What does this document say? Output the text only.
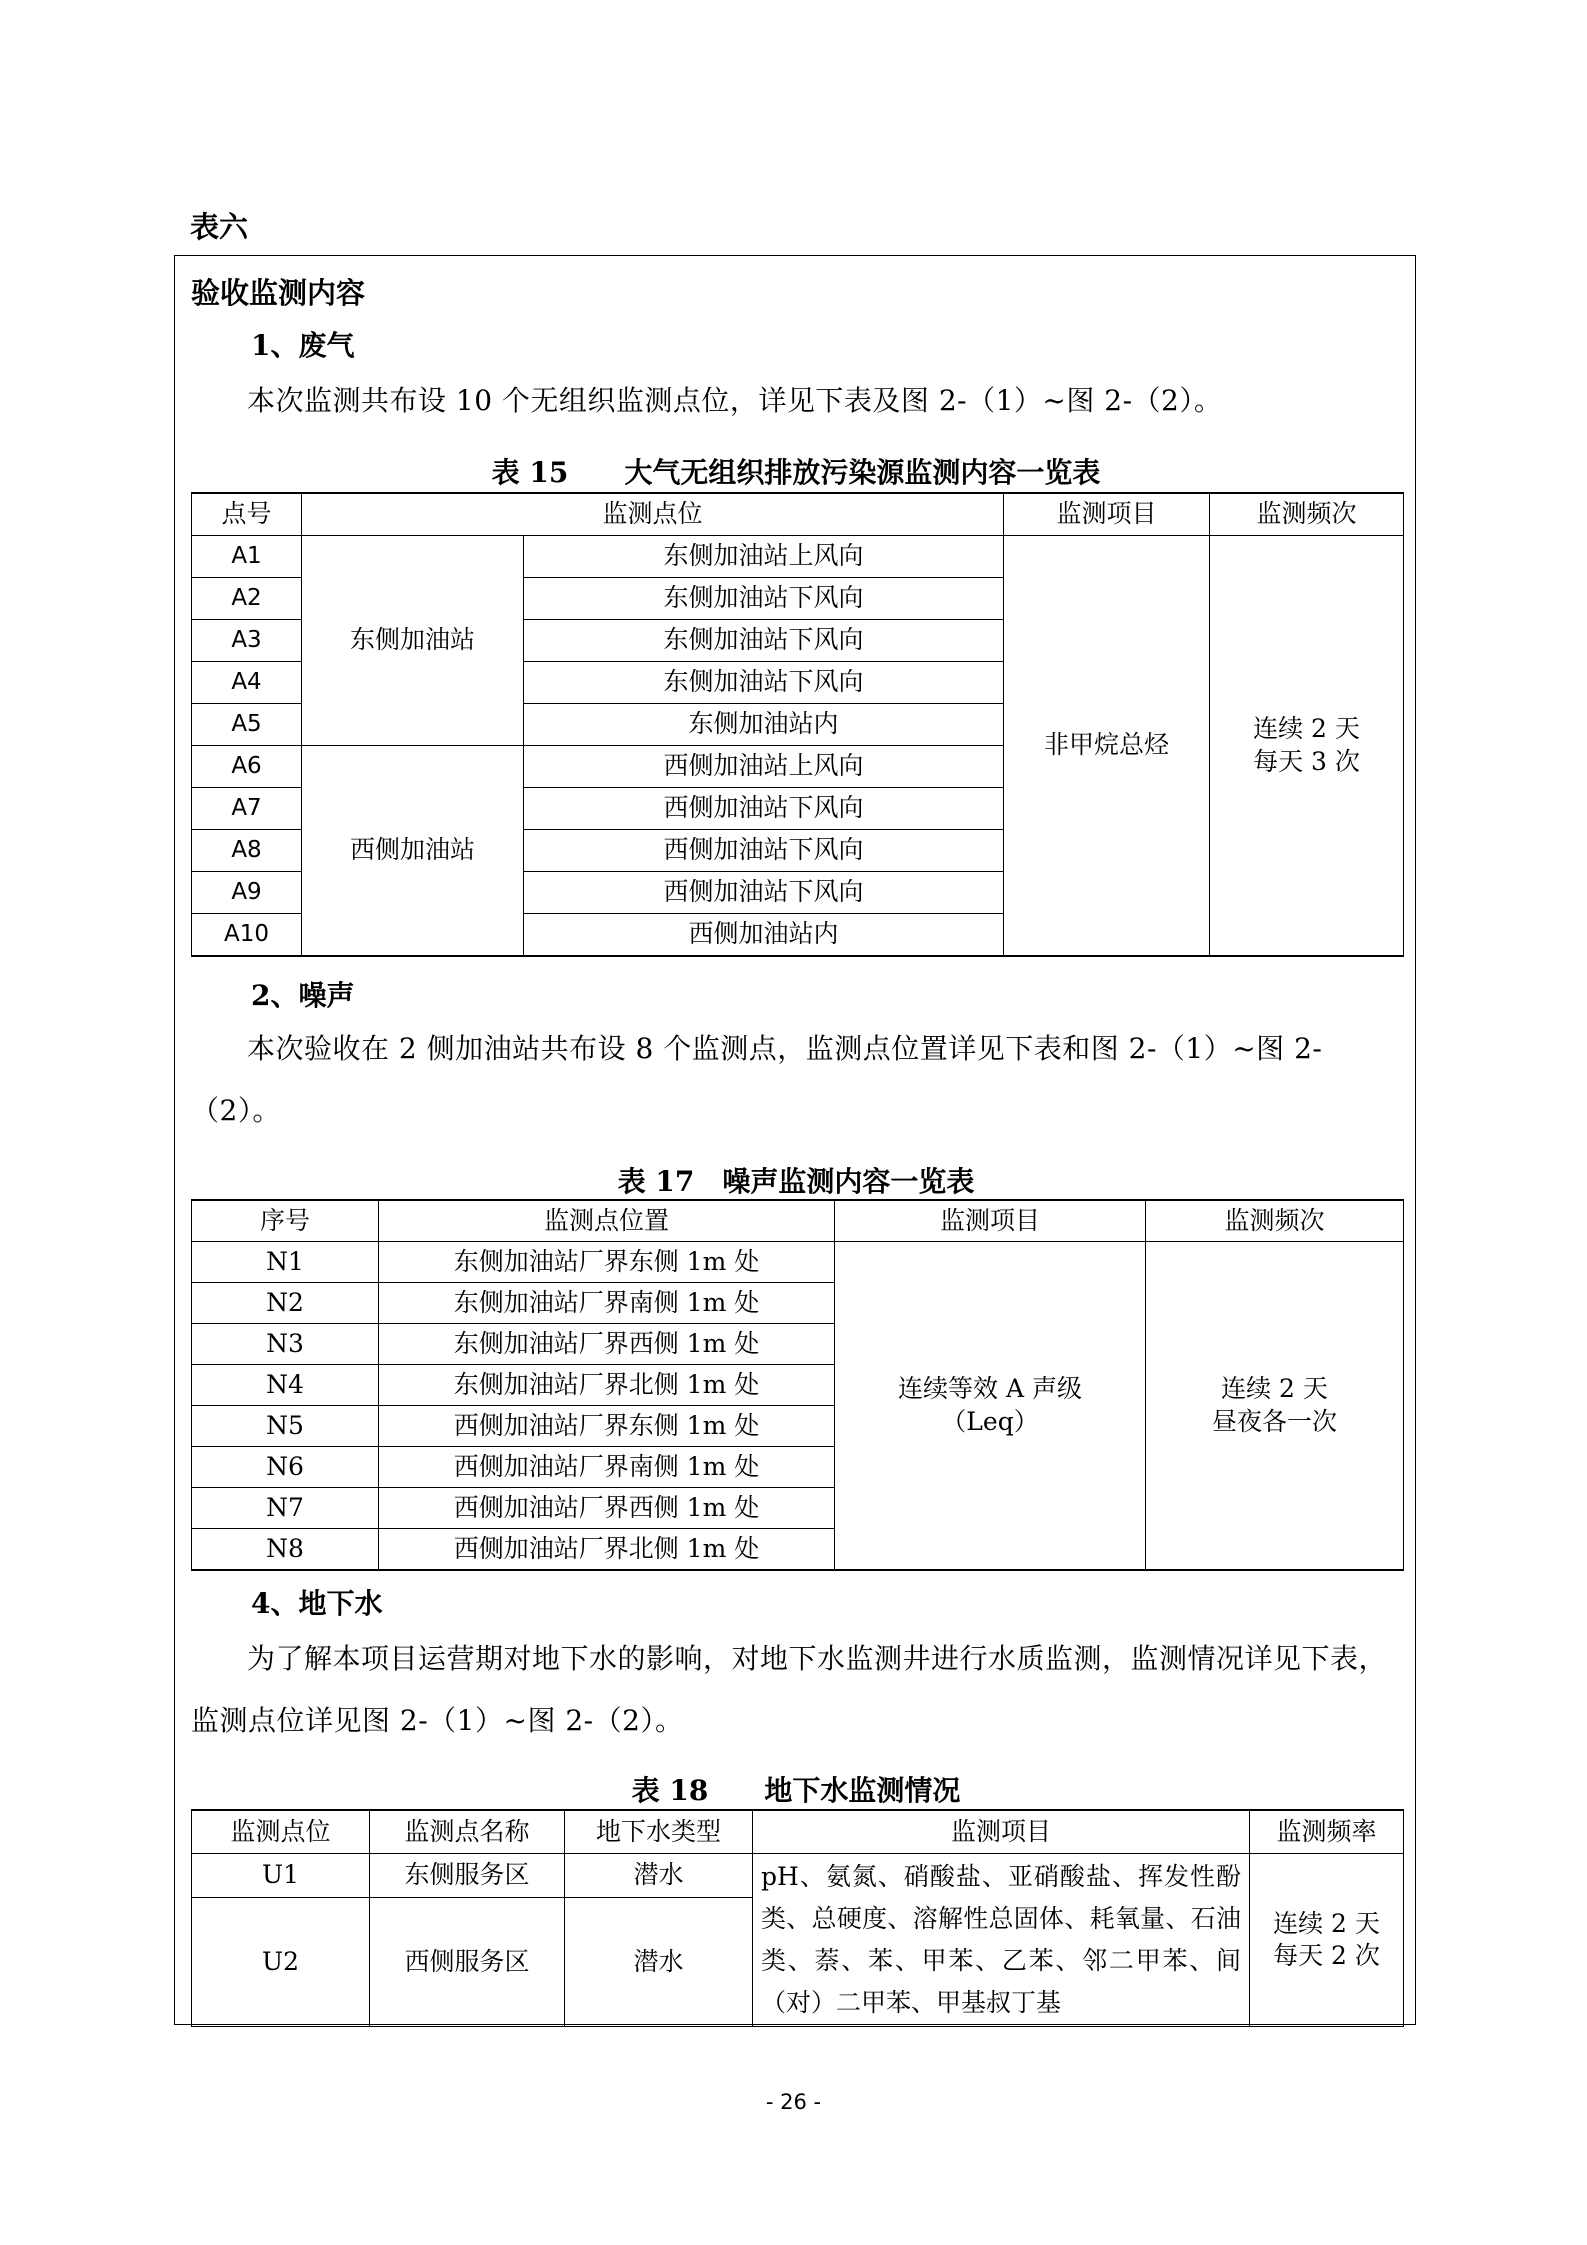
表六
验收监测内容
1、废气
本次监测共布设 10 个无组织监测点位，详见下表及图 2-（1）~图 2-（2）。
表 15　　大气无组织排放污染源监测内容一览表
点号	监测点位		监测项目	监测频次
A1	东侧加油站	东侧加油站上风向	非甲烷总烃	连续 2 天
每天 3 次

A2		东侧加油站下风向		
A3		东侧加油站下风向		
A4		东侧加油站下风向		
A5		东侧加油站内		
A6	西侧加油站	西侧加油站上风向		
A7		西侧加油站下风向		
A8		西侧加油站下风向		
A9		西侧加油站下风向		
A10		西侧加油站内		
2、噪声
本次验收在 2 侧加油站共布设 8 个监测点，监测点位置详见下表和图 2-（1）~图 2-（2）。
表 17　噪声监测内容一览表
序号	监测点位置	监测项目	监测频次
N1	东侧加油站厂界东侧 1m 处	连续等效 A 声级
（Leq）	连续 2 天
昼夜各一次

N2	东侧加油站厂界南侧 1m 处		
N3	东侧加油站厂界西侧 1m 处		
N4	东侧加油站厂界北侧 1m 处		
N5	西侧加油站厂界东侧 1m 处		
N6	西侧加油站厂界南侧 1m 处		
N7	西侧加油站厂界西侧 1m 处		
N8	西侧加油站厂界北侧 1m 处		
4、地下水
为了解本项目运营期对地下水的影响，对地下水监测井进行水质监测，监测情况详见下表，监测点位详见图 2-（1）~图 2-（2）。
表 18　　地下水监测情况
监测点位	监测点名称	地下水类型	监测项目	监测频率
U1	东侧服务区	潜水	pH、氨氮、硝酸盐、亚硝酸盐、挥发性酚类、总硬度、溶解性总固体、耗氧量、石油类、萘、苯、甲苯、乙苯、邻二甲苯、间（对）二甲苯、甲基叔丁基	连续 2 天
每天 2 次

U2	西侧服务区	潜水		
- 26 -
